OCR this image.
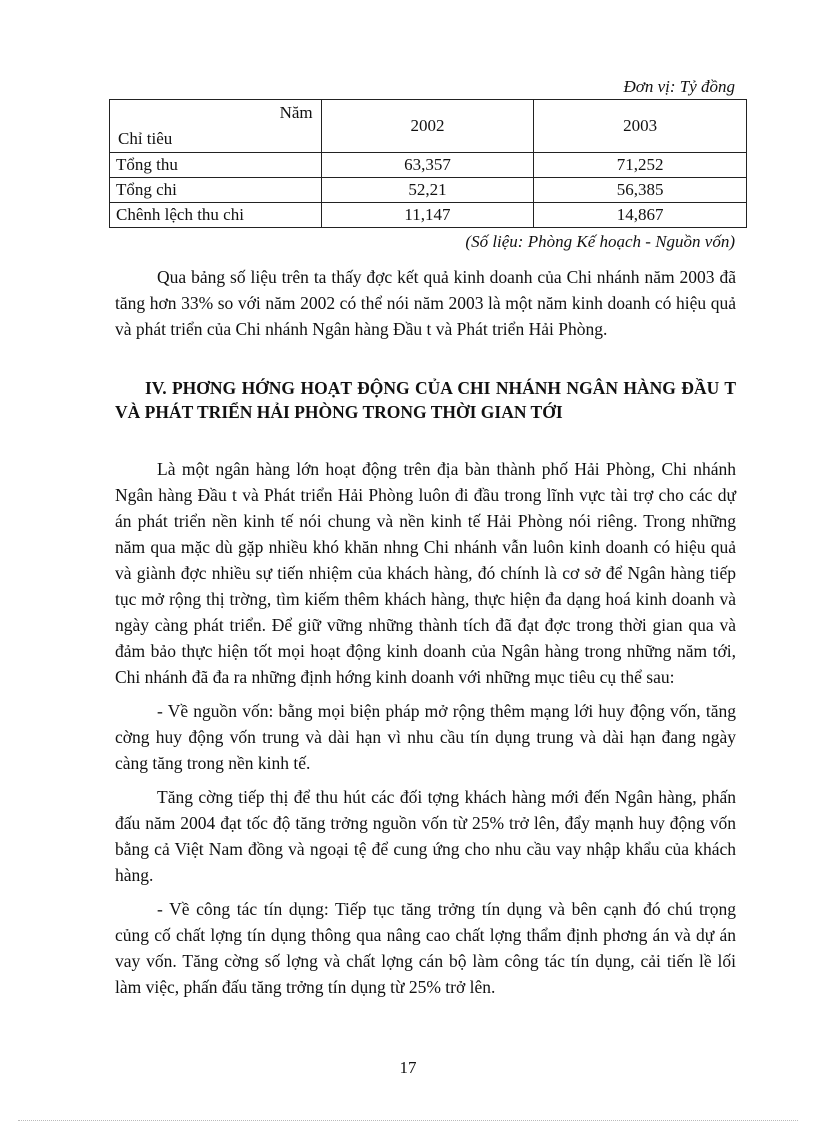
Đơn vị: Tỷ đồng
Năm
Chỉ tiêu	2002	2003
Tổng thu	63,357	71,252
Tổng chi	52,21	56,385
Chênh lệch thu chi	11,147	14,867
(Số liệu: Phòng Kế hoạch - Nguồn vốn)

Qua bảng số liệu trên ta thấy đợc kết quả kinh doanh của Chi nhánh năm 2003 đã tăng hơn 33% so với năm 2002 có thể nói năm 2003 là một năm kinh doanh có hiệu quả và phát triển của Chi nhánh Ngân hàng Đầu t và Phát triển Hải Phòng.

IV. PHƠNG HỚNG HOẠT ĐỘNG CỦA CHI NHÁNH NGÂN HÀNG ĐẦU T VÀ PHÁT TRIỂN HẢI PHÒNG TRONG THỜI GIAN TỚI

Là một ngân hàng lớn hoạt động trên địa bàn thành phố Hải Phòng, Chi nhánh Ngân hàng Đầu t và Phát triển Hải Phòng luôn đi đầu trong lĩnh vực tài trợ cho các dự án phát triển nền kinh tế nói chung và nền kinh tế Hải Phòng nói riêng. Trong những năm qua mặc dù gặp nhiều khó khăn nhng Chi nhánh vẫn luôn kinh doanh có hiệu quả và giành đợc nhiều sự tiến nhiệm của khách hàng, đó chính là cơ sở để Ngân hàng tiếp tục mở rộng thị trờng, tìm kiếm thêm khách hàng, thực hiện đa dạng hoá kinh doanh và ngày càng phát triển. Để giữ vững những thành tích đã đạt đợc trong thời gian qua và đảm bảo thực hiện tốt mọi hoạt động kinh doanh của Ngân hàng trong những năm tới, Chi nhánh đã đa ra những định hớng kinh doanh với những mục tiêu cụ thể sau:

- Về nguồn vốn: bằng mọi biện pháp mở rộng thêm mạng lới huy động vốn, tăng cờng huy động vốn trung và dài hạn vì nhu cầu tín dụng trung và dài hạn đang ngày càng tăng trong nền kinh tế.

Tăng cờng tiếp thị để thu hút các đối tợng khách hàng mới đến Ngân hàng, phấn đấu năm 2004 đạt tốc độ tăng trởng nguồn vốn từ 25% trở lên, đẩy mạnh huy động vốn bằng cả Việt Nam đồng và ngoại tệ để cung ứng cho nhu cầu vay nhập khẩu của khách hàng.

- Về công tác tín dụng: Tiếp tục tăng trởng tín dụng và bên cạnh đó chú trọng củng cố chất lợng tín dụng thông qua nâng cao chất lợng thẩm định phơng án và dự án vay vốn. Tăng cờng số lợng và chất lợng cán bộ làm công tác tín dụng, cải tiến lề lối làm việc, phấn đấu tăng trởng tín dụng từ 25% trở lên.

17
